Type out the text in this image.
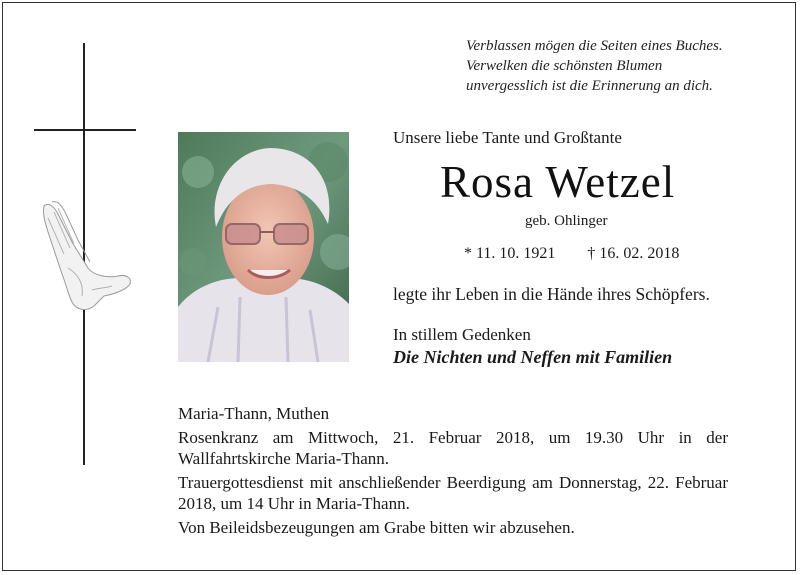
Verblassen mögen die Seiten eines Buches.
Verwelken die schönsten Blumen
unvergesslich ist die Erinnerung an dich.
Unsere liebe Tante und Großtante
Rosa Wetzel
geb. Ohlinger
* 11. 10. 1921 † 16. 02. 2018
legte ihr Leben in die Hände ihres Schöpfers.
In stillem Gedenken
Die Nichten und Neffen mit Familien
Maria-Thann, Muthen
Rosenkranz am Mittwoch, 21. Februar 2018, um 19.30 Uhr in der Wallfahrtskirche Maria-Thann.
Trauergottesdienst mit anschließender Beerdigung am Donnerstag, 22. Februar 2018, um 14 Uhr in Maria-Thann.
Von Beileidsbezeugungen am Grabe bitten wir abzusehen.
